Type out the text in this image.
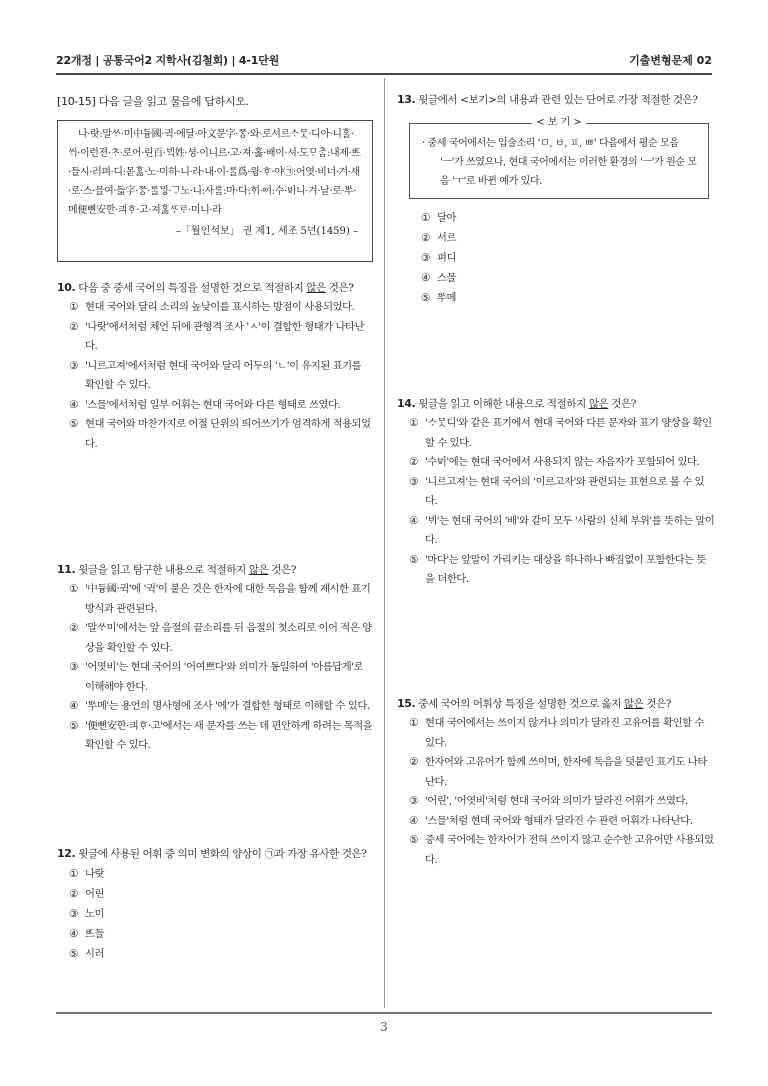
22개정 | 공통국어2 지학사(김철회) | 4-1단원	기출변형문제 02
[10-15] 다음 글을 읽고 물음에 답하시오.
나·랏:말ᄊᆞ·미中듕國·귁·에달·아文문字·ᄍᆞᆼ·와·로서르ᄉᆞᄆᆞᆺ·디아·니ᄒᆞᆯ·ᄊᆡ·이런젼·ᄎᆞ·로어·린百·ᄇᆡᆨ姓·셩·이니르·고·져·홇·배이·셔·도ᄆᆞᄎᆞᆷ:내제·ᄠᅳ·들시·러펴·디:몯ᄒᆞᇙ·노·미하·니·라·내·이·ᄅᆞᆯ爲·윙·ᄒᆞ·야㉠:어엿·비너·겨·새·로·스·믈여·듧字·ᄍᆞᆼ·ᄅᆞᆯᄆᆡᇰ·ᄀᆞ노·니:사ᄅᆞᆷ:마·다:ᄒᆡ·ᅇᅧ:수·ᄫᅵ니·겨·날·로·ᄡᅮ·메便뼌安ᅙᅡᆫ·킈ᄒᆞ·고·져ᄒᆞᇙᄯᆞᄅᆞ·미니·라
–「월인석보」 권 제1, 세조 5년(1459) –
10. 다음 중 중세 국어의 특징을 설명한 것으로 적절하지 않은 것은?
① 현대 국어와 달리 소리의 높낮이를 표시하는 방점이 사용되었다.
② '나랏'에서처럼 체언 뒤에 관형격 조사 'ㅅ'이 결합한 형태가 나타난다.
③ '니르고져'에서처럼 현대 국어와 달리 어두의 'ㄴ'이 유지된 표기를 확인할 수 있다.
④ '스믈'에서처럼 일부 어휘는 현대 국어와 다른 형태로 쓰였다.
⑤ 현대 국어와 마찬가지로 어절 단위의 띄어쓰기가 엄격하게 적용되었다.
11. 윗글을 읽고 탐구한 내용으로 적절하지 않은 것은?
① '中듕國·귁'에 '귁'이 붙은 것은 한자에 대한 독음을 함께 제시한 표기 방식과 관련된다.
② '말ᄊᆞ미'에서는 앞 음절의 끝소리를 뒤 음절의 첫소리로 이어 적은 양상을 확인할 수 있다.
③ '어엿비'는 현대 국어의 '어여쁘다'와 의미가 동일하여 '아름답게'로 이해해야 한다.
④ 'ᄡᅮ메'는 용언의 명사형에 조사 '에'가 결합한 형태로 이해할 수 있다.
⑤ '便뼌安ᅙᅡᆫ·킈ᄒᆞ·고'에서는 새 문자를 쓰는 데 편안하게 하려는 목적을 확인할 수 있다.
12. 윗글에 사용된 어휘 중 의미 변화의 양상이 ㉠과 가장 유사한 것은?
① 나랏
② 어린
③ 노미
④ ᄠᅳ들
⑤ 시러
13. 윗글에서 <보기>의 내용과 관련 있는 단어로 가장 적절한 것은?
< 보 기 >
· 중세 국어에서는 입술소리 'ㅁ, ㅂ, ㅍ, ㅃ' 다음에서 평순 모음 'ㅡ'가 쓰였으나, 현대 국어에서는 이러한 환경의 'ㅡ'가 원순 모음 'ㅜ'로 바뀐 예가 있다.
① 달아
② 서르
③ 펴디
④ 스믈
⑤ ᄡᅮ메
14. 윗글을 읽고 이해한 내용으로 적절하지 않은 것은?
① 'ᄉᆞᄆᆞᆺ디'와 같은 표기에서 현대 국어와 다른 문자와 표기 양상을 확인할 수 있다.
② '수ᄫᅵ'에는 현대 국어에서 사용되지 않는 자음자가 포함되어 있다.
③ '니르고져'는 현대 국어의 '이르고자'와 관련되는 표현으로 볼 수 있다.
④ 'ᄇᆡ'는 현대 국어의 '배'와 같이 모두 '사람의 신체 부위'를 뜻하는 말이다.
⑤ '마다'는 앞말이 가리키는 대상을 하나하나 빠짐없이 포함한다는 뜻을 더한다.
15. 중세 국어의 어휘상 특징을 설명한 것으로 옳지 않은 것은?
① 현대 국어에서는 쓰이지 않거나 의미가 달라진 고유어를 확인할 수 있다.
② 한자어와 고유어가 함께 쓰이며, 한자에 독음을 덧붙인 표기도 나타난다.
③ '어린', '어엿비'처럼 현대 국어와 의미가 달라진 어휘가 쓰였다.
④ '스믈'처럼 현대 국어와 형태가 달라진 수 관련 어휘가 나타난다.
⑤ 중세 국어에는 한자어가 전혀 쓰이지 않고 순수한 고유어만 사용되었다.
3
